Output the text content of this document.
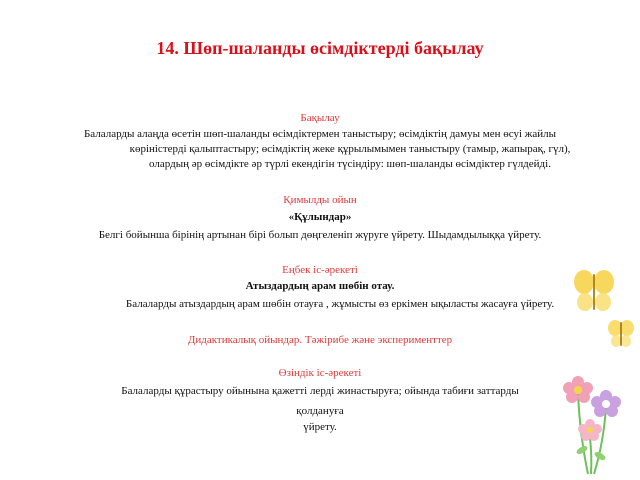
14. Шөп-шаланды өсімдіктерді бақылау
Бақылау
Балаларды алаңда өсетін шөп-шаланды өсімдіктермен таныстыру; өсімдіктің дамуы мен өсуі жайлы
көріністерді қалыптастыру; өсімдіктің жеке құрылымымен таныстыру (тамыр, жапырақ, гүл),
олардың әр өсімдікте әр түрлі екендігін түсіндіру: шөп-шаланды өсімдіктер гүлдейді.
Қимылды ойын
«Құлындар»
Белгі бойынша бірінің артынан бірі болып дөңгеленіп жүруге үйрету. Шыдамдылыққа үйрету.
Еңбек іс-әрекеті
Атыздардың арам шөбін отау.
Балаларды атыздардың арам шөбін отауға , жұмысты өз еркімен ықыласты жасауға үйрету.
Дидактикалық ойындар. Тәжірибе және эксперименттер
Өзіндік іс-әрекеті
Балаларды құрастыру ойынына қажетті лерді жинастыруға; ойында табиғи заттарды
қолдануға
үйрету.
